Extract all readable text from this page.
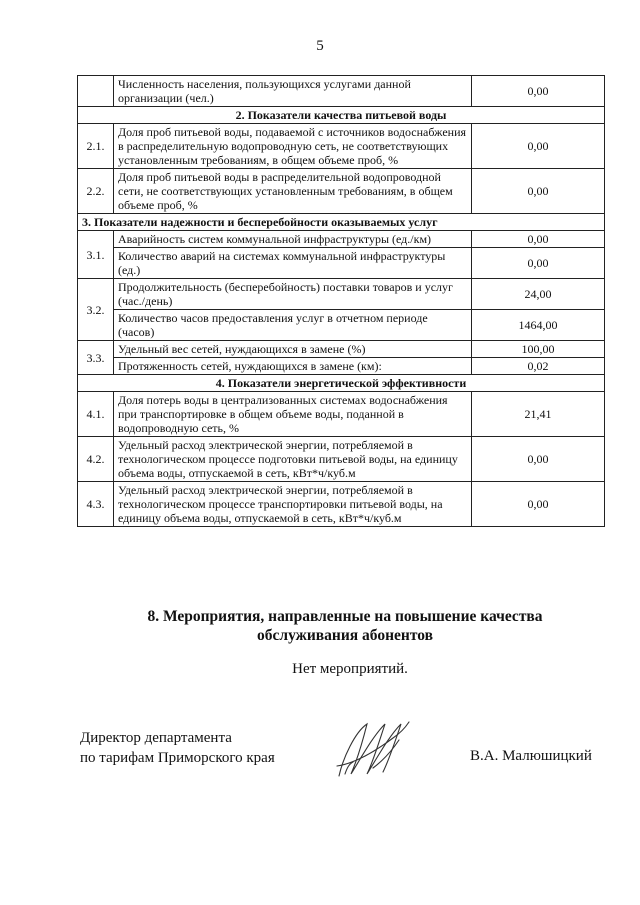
5
	Численность населения, пользующихся услугами данной организации (чел.)	0,00
2. Показатели качества питьевой воды		
2.1.	Доля проб питьевой воды, подаваемой с источников водоснабжения в распределительную водопроводную сеть, не соответствующих установленным требованиям, в общем объеме проб, %	0,00
2.2.	Доля проб питьевой воды в распределительной водопроводной сети, не соответствующих установленным требованиям, в общем объеме проб, %	0,00
3. Показатели надежности и бесперебойности оказываемых услуг		
3.1.	Аварийность систем коммунальной инфраструктуры (ед./км)	0,00
	Количество аварий на системах коммунальной инфраструктуры (ед.)	0,00
3.2.	Продолжительность (бесперебойность) поставки товаров и услуг (час./день)	24,00
	Количество часов предоставления услуг в отчетном периоде (часов)	1464,00
3.3.	Удельный вес сетей, нуждающихся в замене (%)	100,00
	Протяженность сетей, нуждающихся в замене (км):	0,02
4. Показатели энергетической эффективности		
4.1.	Доля потерь воды в централизованных системах водоснабжения при транспортировке в общем объеме воды, поданной в водопроводную сеть, %	21,41
4.2.	Удельный расход электрической энергии, потребляемой в технологическом процессе подготовки питьевой воды, на единицу объема воды, отпускаемой в сеть, кВт*ч/куб.м	0,00
4.3.	Удельный расход электрической энергии, потребляемой в технологическом процессе транспортировки питьевой воды, на единицу объема воды, отпускаемой в сеть, кВт*ч/куб.м	0,00
8. Мероприятия, направленные на повышение качества
обслуживания абонентов
Нет мероприятий.
Директор департамента
по тарифам Приморского края	В.А. Малюшицкий
